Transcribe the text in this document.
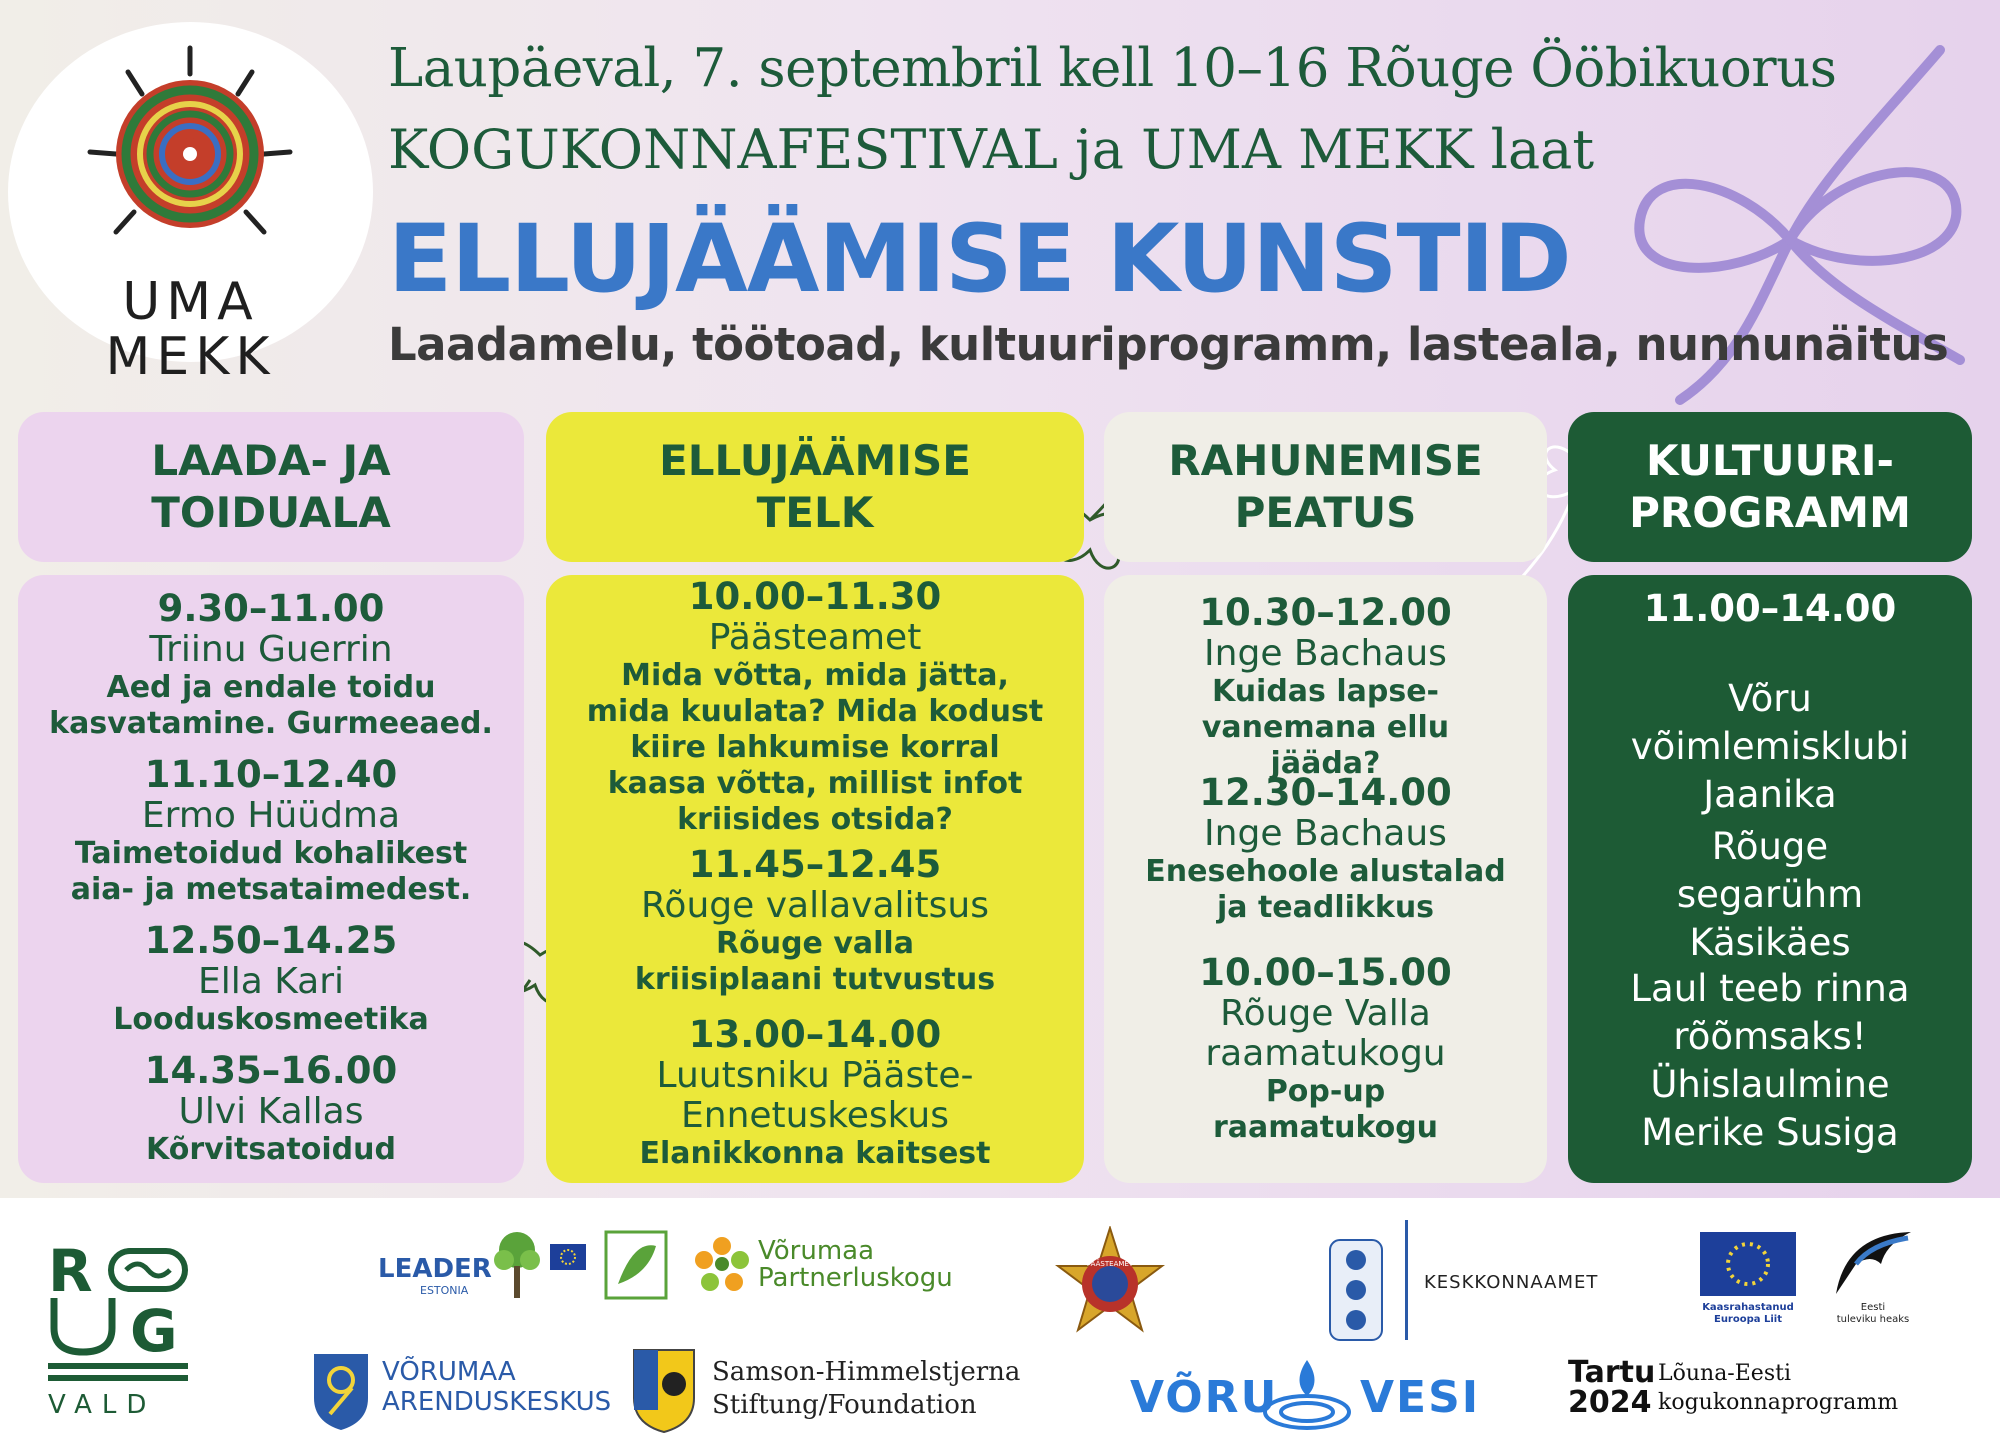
UMA
MEKK
Laupäeval, 7. septembril kell 10–16 Rõuge Ööbikuorus
KOGUKONNAFESTIVAL ja UMA MEKK laat
ELLUJÄÄMISE KUNSTID
Laadamelu, töötoad, kultuuriprogramm, lasteala, nunnunäitus
LAADA- JA
TOIDUALA
9.30–11.00
Triinu Guerrin
Aed ja endale toidu kasvatamine. Gurmeeaed.
11.10–12.40
Ermo Hüüdma
Taimetoidud kohalikest aia- ja metsataimedest.
12.50–14.25
Ella Kari
Looduskosmeetika
14.35–16.00
Ulvi Kallas
Kõrvitsatoidud
ELLUJÄÄMISE
TELK
10.00–11.30
Päästeamet
Mida võtta, mida jätta, mida kuulata? Mida kodust kiire lahkumise korral kaasa võtta, millist infot kriisides otsida?
11.45–12.45
Rõuge vallavalitsus
Rõuge valla kriisiplaani tutvustus
13.00–14.00
Luutsniku Pääste-Ennetuskeskus
Elanikkonna kaitsest
RAHUNEMISE
PEATUS
10.30–12.00
Inge Bachaus
Kuidas lapse-vanemana ellu jääda?
12.30–14.00
Inge Bachaus
Enesehoole alustalad ja teadlikkus
10.00–15.00
Rõuge Valla raamatukogu
Pop-up raamatukogu
KULTUURI-
PROGRAMM
11.00–14.00
Võru võimlemisklubi Jaanika
Rõuge segarühm Käsikäes
Laul teeb rinna rõõmsaks! Ühislaulmine Merike Susiga
R
G
VALD
LEADER
ESTONIA
Võrumaa
Partnerluskogu	PÄÄSTEAMET
KESKKONNAAMET
Kaasrahastanud
Euroopa Liit
Eesti
tuleviku heaks
VÕRUMAA
ARENDUSKESKUS
Samson-Himmelstjerna
Stiftung/Foundation	VÕRU VESI	Tartu
2024
Lõuna-Eesti
kogukonnaprogramm
